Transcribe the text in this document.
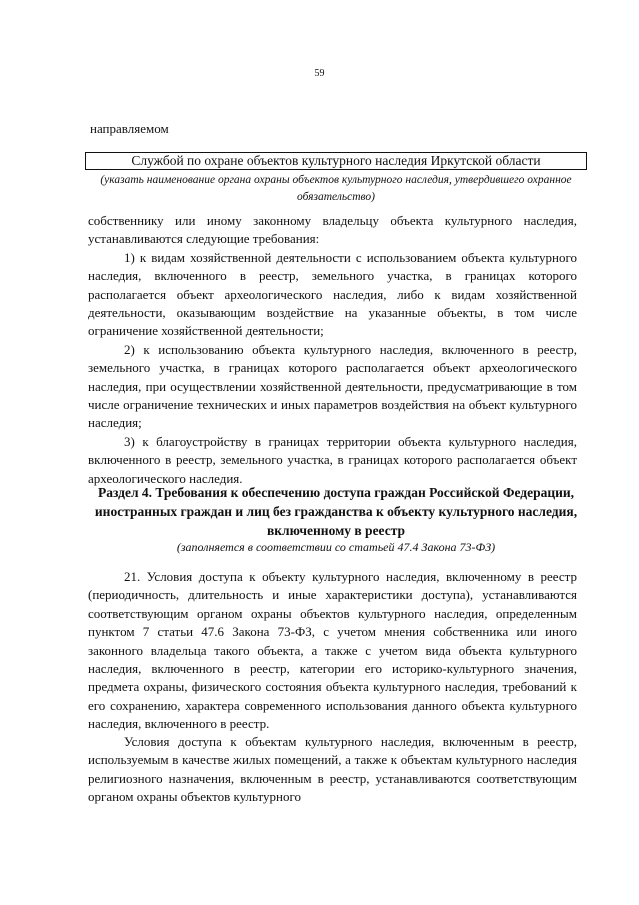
59
направляемом
Службой по охране объектов культурного наследия Иркутской области
(указать наименование органа охраны объектов культурного наследия, утвердившего охранное обязательство)

собственнику или иному законному владельцу объекта культурного наследия, устанавливаются следующие требования:

1) к видам хозяйственной деятельности с использованием объекта культурного наследия, включенного в реестр, земельного участка, в границах которого располагается объект археологического наследия, либо к видам хозяйственной деятельности, оказывающим воздействие на указанные объекты, в том числе ограничение хозяйственной деятельности;

2) к использованию объекта культурного наследия, включенного в реестр, земельного участка, в границах которого располагается объект археологического наследия, при осуществлении хозяйственной деятельности, предусматривающие в том числе ограничение технических и иных параметров воздействия на объект культурного наследия;

3) к благоустройству в границах территории объекта культурного наследия, включенного в реестр, земельного участка, в границах которого располагается объект археологического наследия.

Раздел 4. Требования к обеспечению доступа граждан Российской Федерации, иностранных граждан и лиц без гражданства к объекту культурного наследия, включенному в реестр
(заполняется в соответствии со статьей 47.4 Закона 73-ФЗ)

21. Условия доступа к объекту культурного наследия, включенному в реестр (периодичность, длительность и иные характеристики доступа), устанавливаются соответствующим органом охраны объектов культурного наследия, определенным пунктом 7 статьи 47.6 Закона 73-ФЗ, с учетом мнения собственника или иного законного владельца такого объекта, а также с учетом вида объекта культурного наследия, включенного в реестр, категории его историко-культурного значения, предмета охраны, физического состояния объекта культурного наследия, требований к его сохранению, характера современного использования данного объекта культурного наследия, включенного в реестр.

Условия доступа к объектам культурного наследия, включенным в реестр, используемым в качестве жилых помещений, а также к объектам культурного наследия религиозного назначения, включенным в реестр, устанавливаются соответствующим органом охраны объектов культурного
